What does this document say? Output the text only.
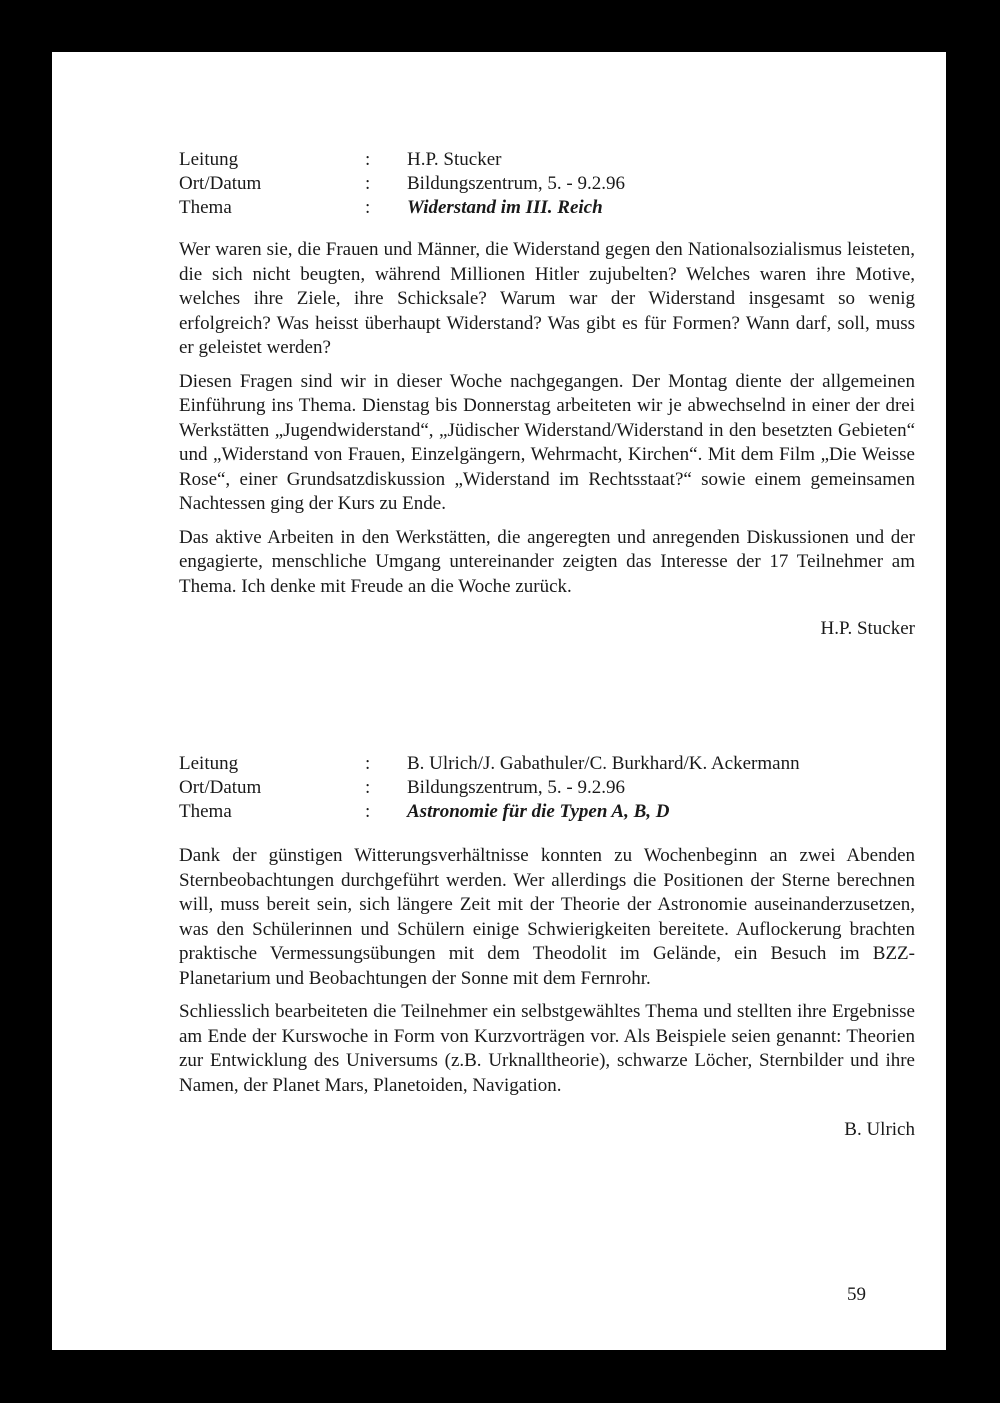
Leitung	:	H.P. Stucker
Ort/Datum	:	Bildungszentrum, 5. - 9.2.96
Thema	:	Widerstand im III. Reich

Wer waren sie, die Frauen und Männer, die Widerstand gegen den Nationalsozialismus leisteten, die sich nicht beugten, während Millionen Hitler zujubelten? Welches waren ihre Motive, welches ihre Ziele, ihre Schicksale? Warum war der Widerstand insgesamt so wenig erfolgreich? Was heisst überhaupt Widerstand? Was gibt es für Formen? Wann darf, soll, muss er geleistet werden?

Diesen Fragen sind wir in dieser Woche nachgegangen. Der Montag diente der allgemeinen Einführung ins Thema. Dienstag bis Donnerstag arbeiteten wir je abwechselnd in einer der drei Werkstätten „Jugendwiderstand“, „Jüdischer Widerstand/Widerstand in den besetzten Gebieten“ und „Widerstand von Frauen, Einzelgängern, Wehrmacht, Kirchen“. Mit dem Film „Die Weisse Rose“, einer Grundsatzdiskussion „Widerstand im Rechtsstaat?“ sowie einem gemeinsamen Nachtessen ging der Kurs zu Ende.

Das aktive Arbeiten in den Werkstätten, die angeregten und anregenden Diskussionen und der engagierte, menschliche Umgang untereinander zeigten das Interesse der 17 Teilnehmer am Thema. Ich denke mit Freude an die Woche zurück.

H.P. Stucker
Leitung	:	B. Ulrich/J. Gabathuler/C. Burkhard/K. Ackermann
Ort/Datum	:	Bildungszentrum, 5. - 9.2.96
Thema	:	Astronomie für die Typen A, B, D

Dank der günstigen Witterungsverhältnisse konnten zu Wochenbeginn an zwei Abenden Sternbeobachtungen durchgeführt werden. Wer allerdings die Positionen der Sterne berechnen will, muss bereit sein, sich längere Zeit mit der Theorie der Astronomie auseinanderzusetzen, was den Schülerinnen und Schülern einige Schwierigkeiten bereitete. Auflockerung brachten praktische Vermessungsübungen mit dem Theodolit im Gelände, ein Besuch im BZZ-Planetarium und Beobachtungen der Sonne mit dem Fernrohr.

Schliesslich bearbeiteten die Teilnehmer ein selbstgewähltes Thema und stellten ihre Ergebnisse am Ende der Kurswoche in Form von Kurzvorträgen vor. Als Beispiele seien genannt: Theorien zur Entwicklung des Universums (z.B. Urknalltheorie), schwarze Löcher, Sternbilder und ihre Namen, der Planet Mars, Planetoiden, Navigation.

B. Ulrich
59
